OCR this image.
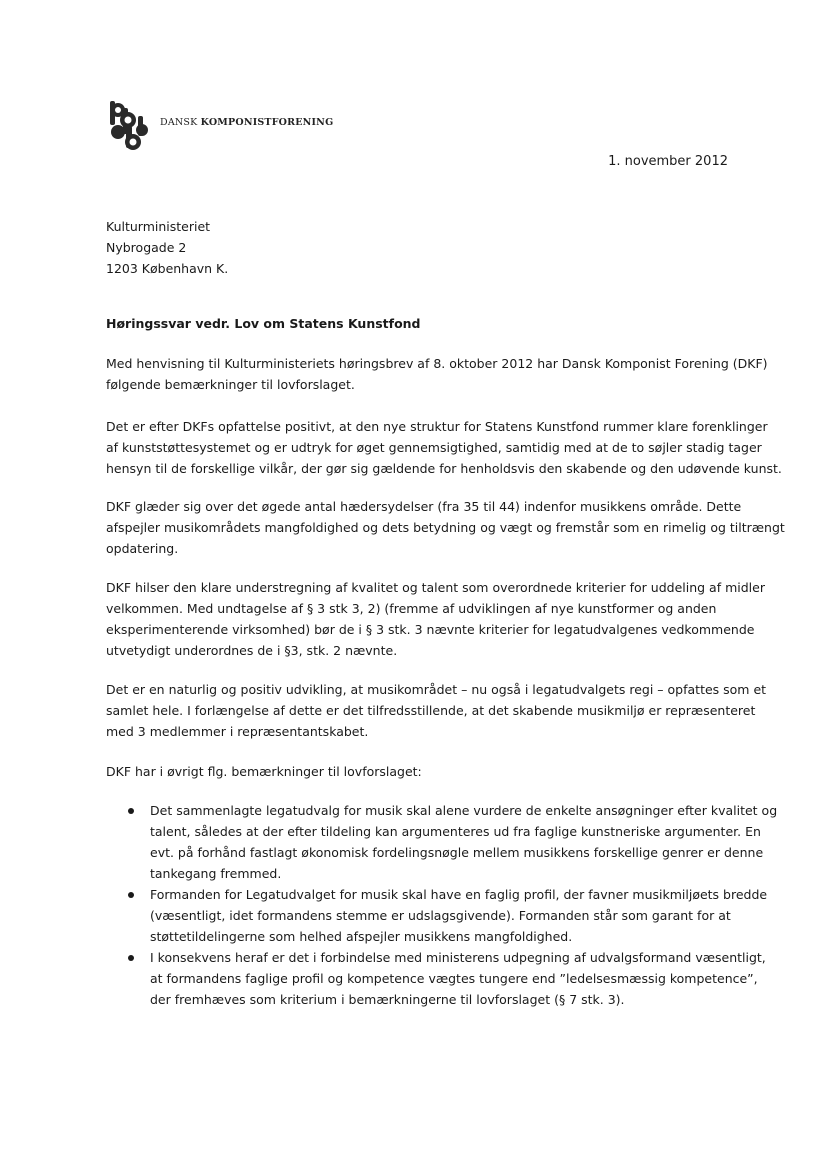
DANSK KOMPONISTFORENING
1. november 2012
Kulturministeriet
Nybrogade 2
1203 København K.
Høringssvar vedr. Lov om Statens Kunstfond
Med henvisning til Kulturministeriets høringsbrev af 8. oktober 2012 har Dansk Komponist Forening (DKF)
følgende bemærkninger til lovforslaget.
Det er efter DKFs opfattelse positivt, at den nye struktur for Statens Kunstfond rummer klare forenklinger
af kunststøttesystemet og er udtryk for øget gennemsigtighed, samtidig med at de to søjler stadig tager
hensyn til de forskellige vilkår, der gør sig gældende for henholdsvis den skabende og den udøvende kunst.
DKF glæder sig over det øgede antal hædersydelser (fra 35 til 44) indenfor musikkens område. Dette
afspejler musikområdets mangfoldighed og dets betydning og vægt og fremstår som en rimelig og tiltrængt
opdatering.
DKF hilser den klare understregning af kvalitet og talent som overordnede kriterier for uddeling af midler
velkommen. Med undtagelse af § 3 stk 3, 2) (fremme af udviklingen af nye kunstformer og anden
eksperimenterende virksomhed) bør de i § 3 stk. 3 nævnte kriterier for legatudvalgenes vedkommende
utvetydigt underordnes de i §3, stk. 2 nævnte.
Det er en naturlig og positiv udvikling, at musikområdet – nu også i legatudvalgets regi – opfattes som et
samlet hele. I forlængelse af dette er det tilfredsstillende, at det skabende musikmiljø er repræsenteret
med 3 medlemmer i repræsentantskabet.
DKF har i øvrigt flg. bemærkninger til lovforslaget:
Det sammenlagte legatudvalg for musik skal alene vurdere de enkelte ansøgninger efter kvalitet og
talent, således at der efter tildeling kan argumenteres ud fra faglige kunstneriske argumenter. En
evt. på forhånd fastlagt økonomisk fordelingsnøgle mellem musikkens forskellige genrer er denne
tankegang fremmed.
Formanden for Legatudvalget for musik skal have en faglig profil, der favner musikmiljøets bredde
(væsentligt, idet formandens stemme er udslagsgivende). Formanden står som garant for at
støttetildelingerne som helhed afspejler musikkens mangfoldighed.
I konsekvens heraf er det i forbindelse med ministerens udpegning af udvalgsformand væsentligt,
at formandens faglige profil og kompetence vægtes tungere end ”ledelsesmæssig kompetence”,
der fremhæves som kriterium i bemærkningerne til lovforslaget (§ 7 stk. 3).
